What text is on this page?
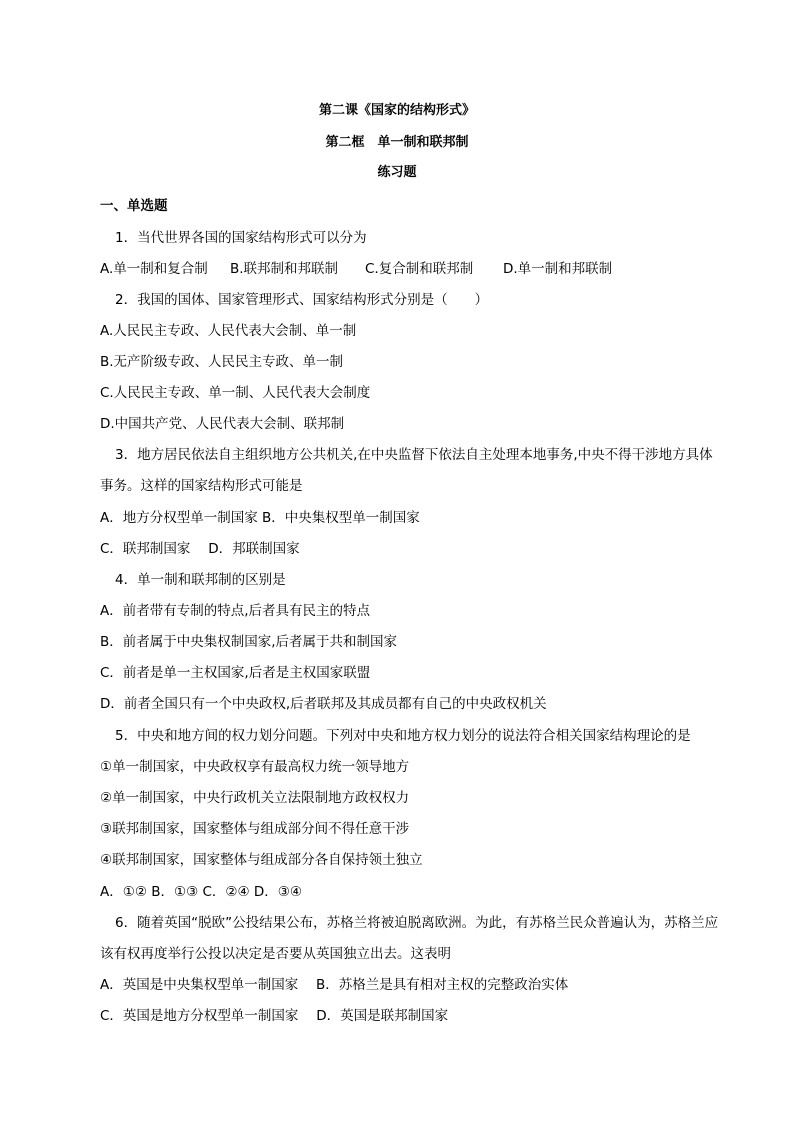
第二课《国家的结构形式》
第二框　单一制和联邦制
练习题
一、单选题
1．当代世界各国的国家结构形式可以分为
A.单一制和复合制 B.联邦制和邦联制 C.复合制和联邦制 D.单一制和邦联制
2．我国的国体、国家管理形式、国家结构形式分别是（　　）
A.人民民主专政、人民代表大会制、单一制
B.无产阶级专政、人民民主专政、单一制
C.人民民主专政、单一制、人民代表大会制度
D.中国共产党、人民代表大会制、联邦制
3．地方居民依法自主组织地方公共机关,在中央监督下依法自主处理本地事务,中央不得干涉地方具体
事务。这样的国家结构形式可能是
A．地方分权型单一制国家 B．中央集权型单一制国家
C．联邦制国家　 D．邦联制国家
4．单一制和联邦制的区别是
A．前者带有专制的特点,后者具有民主的特点
B．前者属于中央集权制国家,后者属于共和制国家
C．前者是单一主权国家,后者是主权国家联盟
D．前者全国只有一个中央政权,后者联邦及其成员都有自己的中央政权机关
5．中央和地方间的权力划分问题。下列对中央和地方权力划分的说法符合相关国家结构理论的是
①单一制国家，中央政权享有最高权力统一领导地方
②单一制国家，中央行政机关立法限制地方政权权力
③联邦制国家，国家整体与组成部分间不得任意干涉
④联邦制国家，国家整体与组成部分各自保持领土独立
A．①② B．①③ C．②④ D．③④
6．随着英国“脱欧”公投结果公布，苏格兰将被迫脱离欧洲。为此，有苏格兰民众普遍认为，苏格兰应
该有权再度举行公投以决定是否要从英国独立出去。这表明
A．英国是中央集权型单一制国家　 B．苏格兰是具有相对主权的完整政治实体
C．英国是地方分权型单一制国家　 D．英国是联邦制国家
